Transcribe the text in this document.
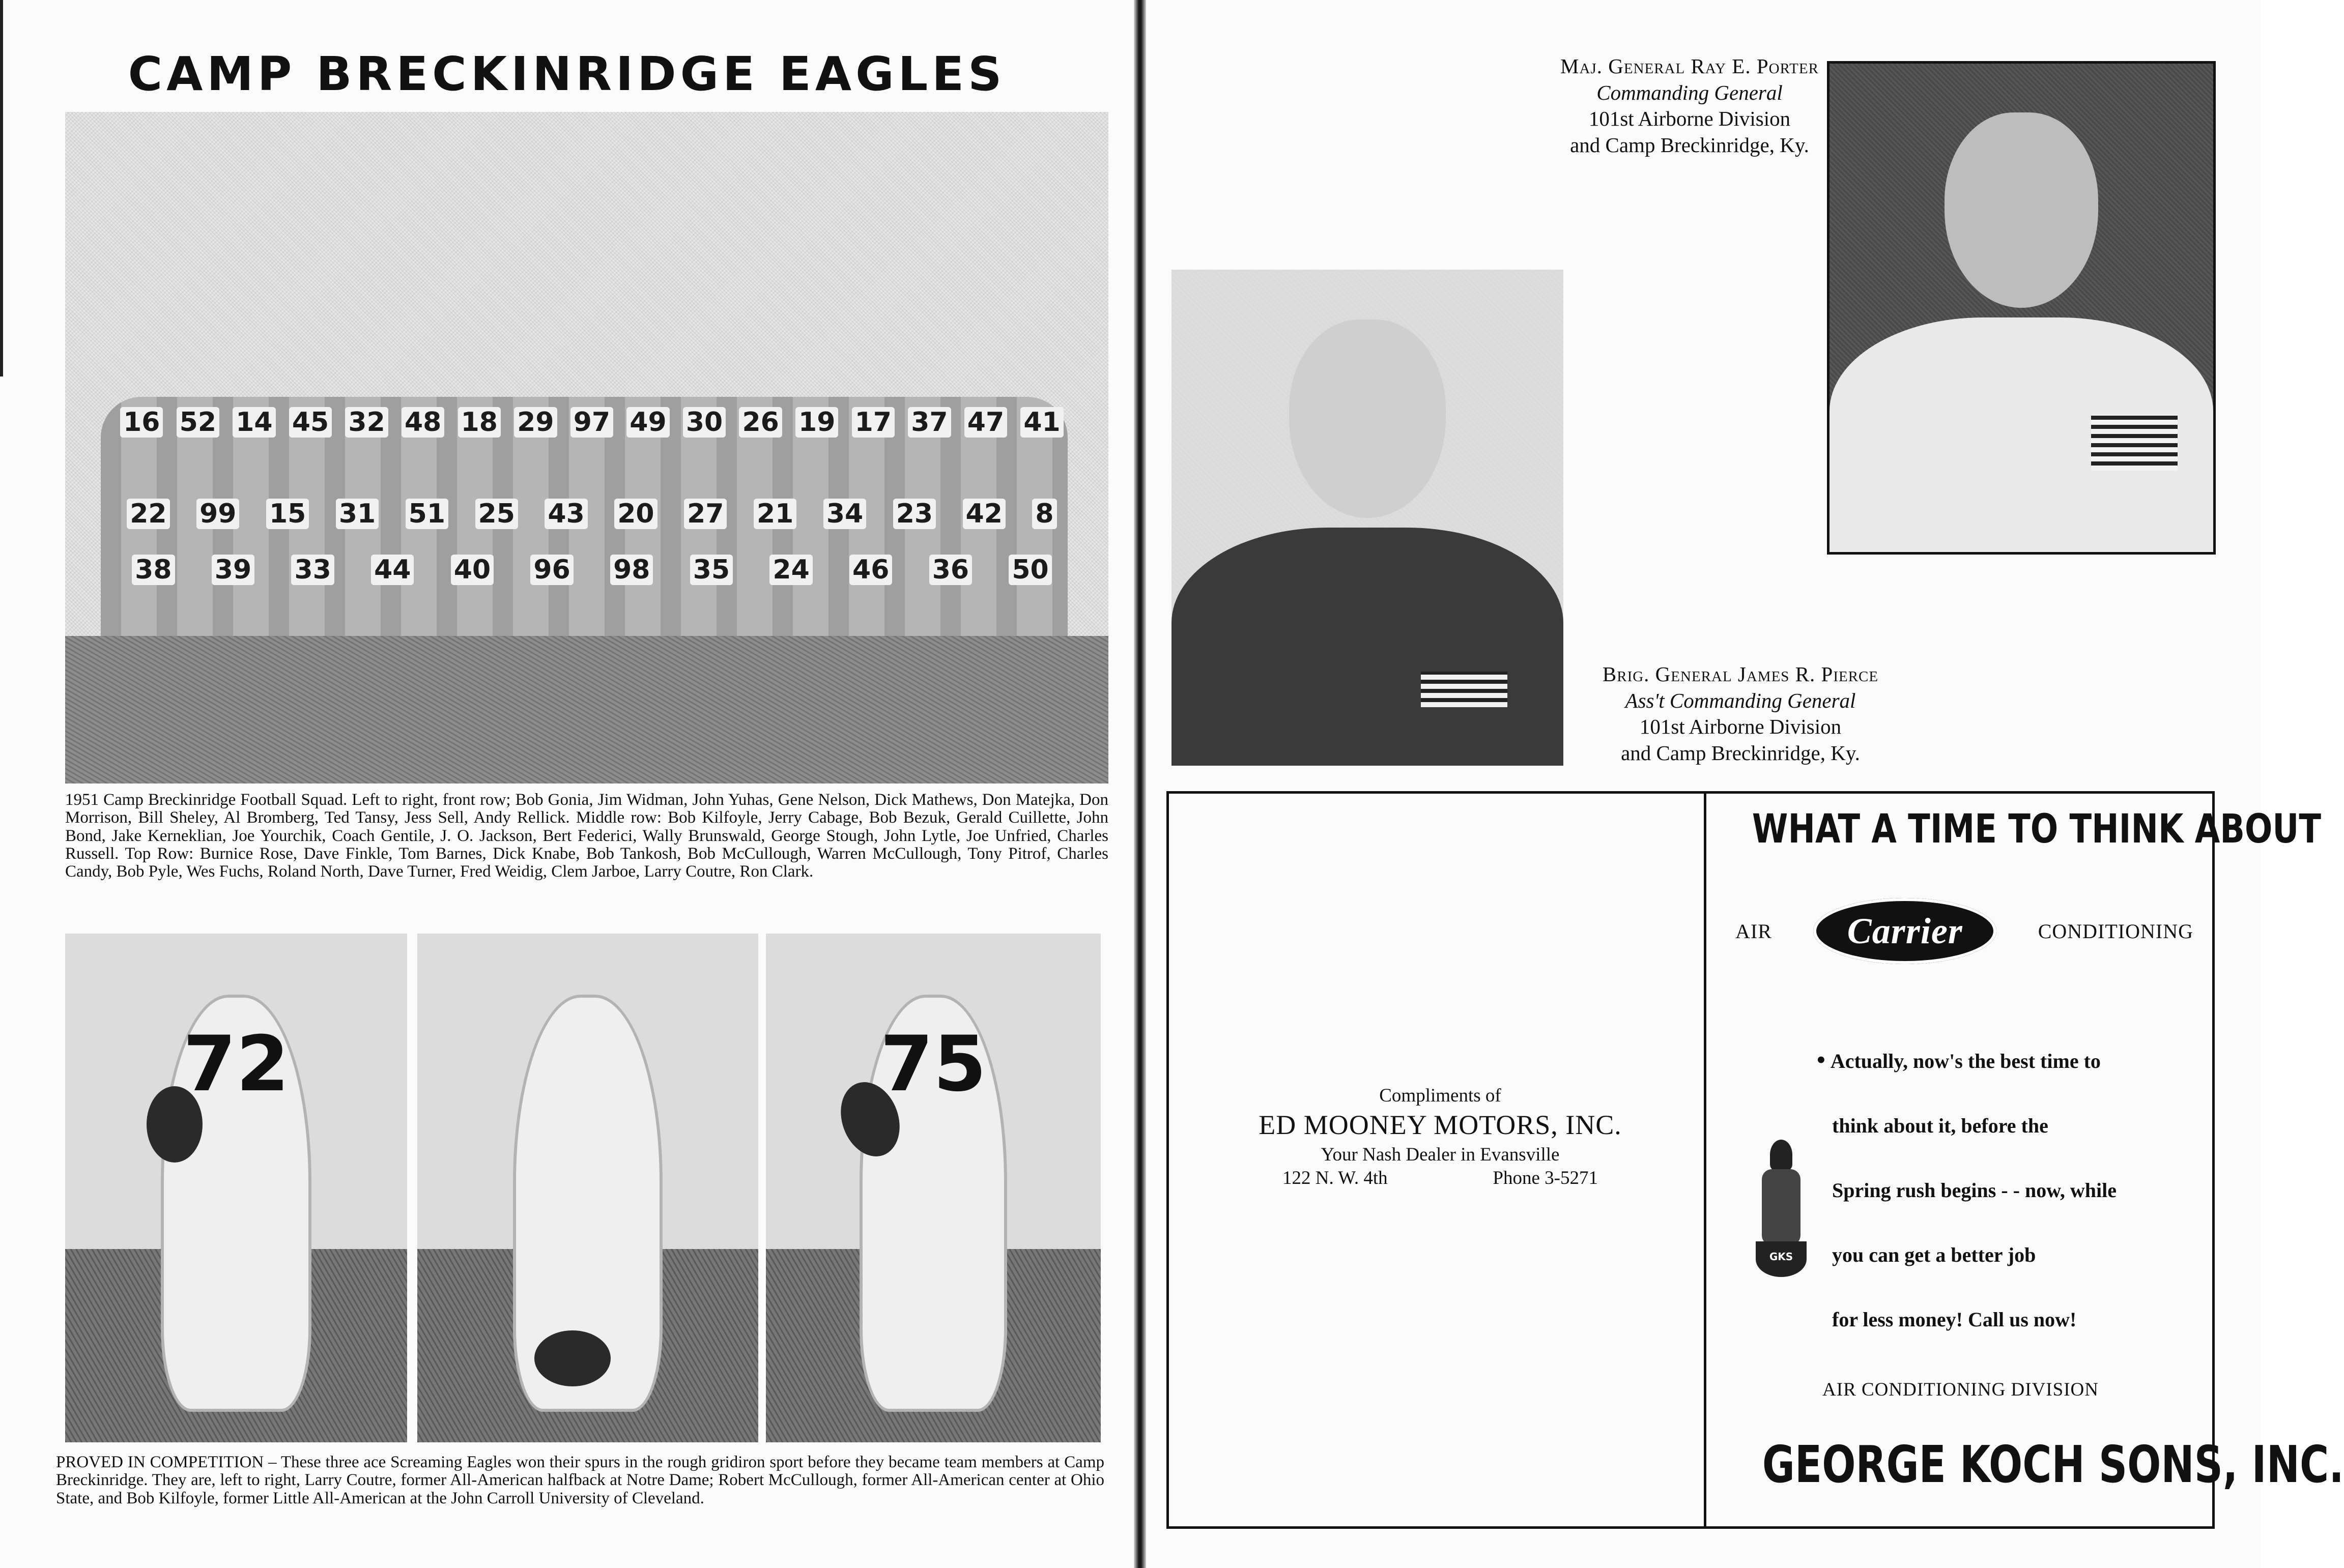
CAMP BRECKINRIDGE EAGLES
16 52 14 45 32 48 18 29 97 49 30 26 19 17 37 47 41
22 99 15 31 51 25 43 20 27 21 34 23 42 8
38 39 33 44 40 96 98 35 24 46 36 50

1951 Camp Breckinridge Football Squad. Left to right, front row; Bob Gonia, Jim Widman, John Yuhas, Gene Nelson, Dick Mathews, Don Matejka, Don Morrison, Bill Sheley, Al Bromberg, Ted Tansy, Jess Sell, Andy Rellick. Middle row: Bob Kilfoyle, Jerry Cabage, Bob Bezuk, Gerald Cuillette, John Bond, Jake Kerneklian, Joe Yourchik, Coach Gentile, J. O. Jackson, Bert Federici, Wally Brunswald, George Stough, John Lytle, Joe Unfried, Charles Russell. Top Row: Burnice Rose, Dave Finkle, Tom Barnes, Dick Knabe, Bob Tankosh, Bob McCullough, Warren McCullough, Tony Pitrof, Charles Candy, Bob Pyle, Wes Fuchs, Roland North, Dave Turner, Fred Weidig, Clem Jarboe, Larry Coutre, Ron Clark.

72	75

PROVED IN COMPETITION – These three ace Screaming Eagles won their spurs in the rough gridiron sport before they became team members at Camp Breckinridge. They are, left to right, Larry Coutre, former All-American halfback at Notre Dame; Robert McCullough, former All-American center at Ohio State, and Bob Kilfoyle, former Little All-American at the John Carroll University of Cleveland.

Maj. General Ray E. Porter
Commanding General
101st Airborne Division
and Camp Breckinridge, Ky.
Brig. General James R. Pierce
Ass't Commanding General
101st Airborne Division
and Camp Breckinridge, Ky.
Compliments of
ED MOONEY MOTORS, INC.
Your Nash Dealer in Evansville
122 N. W. 4th	Phone 3-5271
WHAT A TIME TO THINK ABOUT
AIR Carrier	CONDITIONING
• Actually, now's the best time to
think about it, before the
Spring rush begins - - now, while
you can get a better job
for less money! Call us now!
GKS
AIR CONDITIONING DIVISION
GEORGE KOCH SONS, INC.
